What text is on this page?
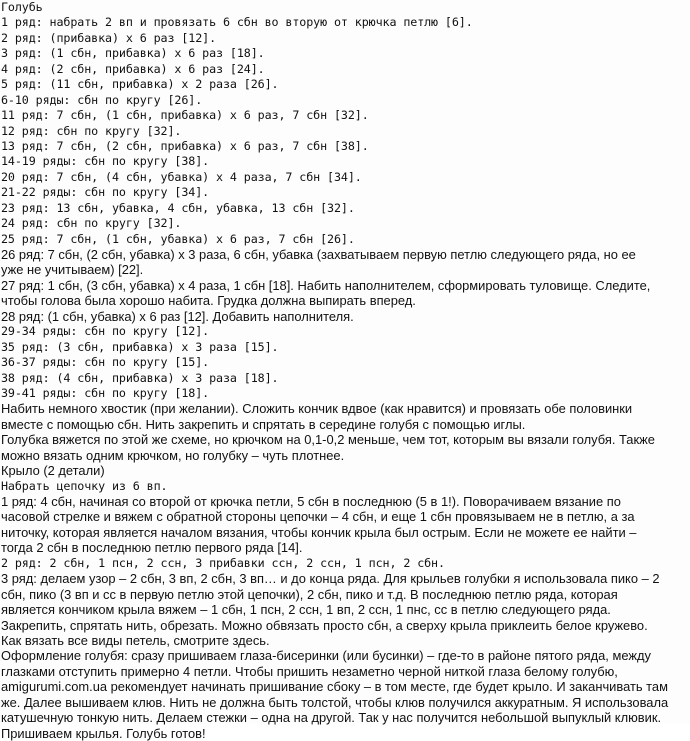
Голубь
1 ряд: набрать 2 вп и провязать 6 сбн во вторую от крючка петлю [6].
2 ряд: (прибавка) х 6 раз [12].
3 ряд: (1 сбн, прибавка) х 6 раз [18].
4 ряд: (2 сбн, прибавка) х 6 раз [24].
5 ряд: (11 сбн, прибавка) х 2 раза [26].
6-10 ряды: сбн по кругу [26].
11 ряд: 7 сбн, (1 сбн, прибавка) х 6 раз, 7 сбн [32].
12 ряд: сбн по кругу [32].
13 ряд: 7 сбн, (2 сбн, прибавка) х 6 раз, 7 сбн [38].
14-19 ряды: сбн по кругу [38].
20 ряд: 7 сбн, (4 сбн, убавка) х 4 раза, 7 сбн [34].
21-22 ряды: сбн по кругу [34].
23 ряд: 13 сбн, убавка, 4 сбн, убавка, 13 сбн [32].
24 ряд: сбн по кругу [32].
25 ряд: 7 сбн, (1 сбн, убавка) х 6 раз, 7 сбн [26].
26 ряд: 7 сбн, (2 сбн, убавка) х 3 раза, 6 сбн, убавка (захватываем первую петлю следующего ряда, но ее
уже не учитываем) [22].
27 ряд: 1 сбн, (3 сбн, убавка) х 4 раза, 1 сбн [18]. Набить наполнителем, сформировать туловище. Следите,
чтобы голова была хорошо набита. Грудка должна выпирать вперед.
28 ряд: (1 сбн, убавка) х 6 раз [12]. Добавить наполнителя.
29-34 ряды: сбн по кругу [12].
35 ряд: (3 сбн, прибавка) х 3 раза [15].
36-37 ряды: сбн по кругу [15].
38 ряд: (4 сбн, прибавка) х 3 раза [18].
39-41 ряды: сбн по кругу [18].
Набить немного хвостик (при желании). Сложить кончик вдвое (как нравится) и провязать обе половинки
вместе с помощью сбн. Нить закрепить и спрятать в середине голубя с помощью иглы.
Голубка вяжется по этой же схеме, но крючком на 0,1-0,2 меньше, чем тот, которым вы вязали голубя. Также
можно вязать одним крючком, но голубку – чуть плотнее.
Крыло (2 детали)
Набрать цепочку из 6 вп.
1 ряд: 4 сбн, начиная со второй от крючка петли, 5 сбн в последнюю (5 в 1!). Поворачиваем вязание по
часовой стрелке и вяжем с обратной стороны цепочки – 4 сбн, и еще 1 сбн провязываем не в петлю, а за
ниточку, которая является началом вязания, чтобы кончик крыла был острым. Если не можете ее найти –
тогда 2 сбн в последнюю петлю первого ряда [14].
2 ряд: 2 сбн, 1 псн, 2 ссн, 3 прибавки ссн, 2 ссн, 1 псн, 2 сбн.
3 ряд: делаем узор – 2 сбн, 3 вп, 2 сбн, 3 вп… и до конца ряда. Для крыльев голубки я использовала пико – 2
сбн, пико (3 вп и сс в первую петлю этой цепочки), 2 сбн, пико и т.д. В последнюю петлю ряда, которая
является кончиком крыла вяжем – 1 сбн, 1 псн, 2 ссн, 1 вп, 2 ссн, 1 пнс, сс в петлю следующего ряда.
Закрепить, спрятать нить, обрезать. Можно обвязать просто сбн, а сверху крыла приклеить белое кружево.
Как вязать все виды петель, смотрите здесь.
Оформление голубя: сразу пришиваем глаза-бисеринки (или бусинки) – где-то в районе пятого ряда, между
глазками отступить примерно 4 петли. Чтобы пришить незаметно черной ниткой глаза белому голубю,
amigurumi.com.ua рекомендует начинать пришивание сбоку – в том месте, где будет крыло. И заканчивать там
же. Далее вышиваем клюв. Нить не должна быть толстой, чтобы клюв получился аккуратным. Я использовала
катушечную тонкую нить. Делаем стежки – одна на другой. Так у нас получится небольшой выпуклый клювик.
Пришиваем крылья. Голубь готов!
